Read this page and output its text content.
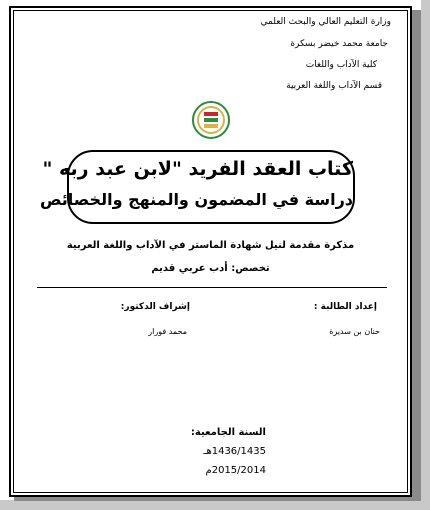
وزارة التعليم العالي والبحث العلمي
جامعة محمد خيضر بسكرة
كلية الآداب واللغات
قسم الآداب واللغة العربية
كتاب العقد الفريد "لابن عبد ربه "
دراسة في المضمون والمنهج والخصائص
مذكرة مقدمة لنيل شهادة الماستر في الآداب واللغة العربية
تخصص: أدب عربي قديم
إعداد الطالبة :
إشراف الدكتور:
حنان بن سديرة
محمد فورار
السنة الجامعية:
1436/1435هـ
2015/2014م
